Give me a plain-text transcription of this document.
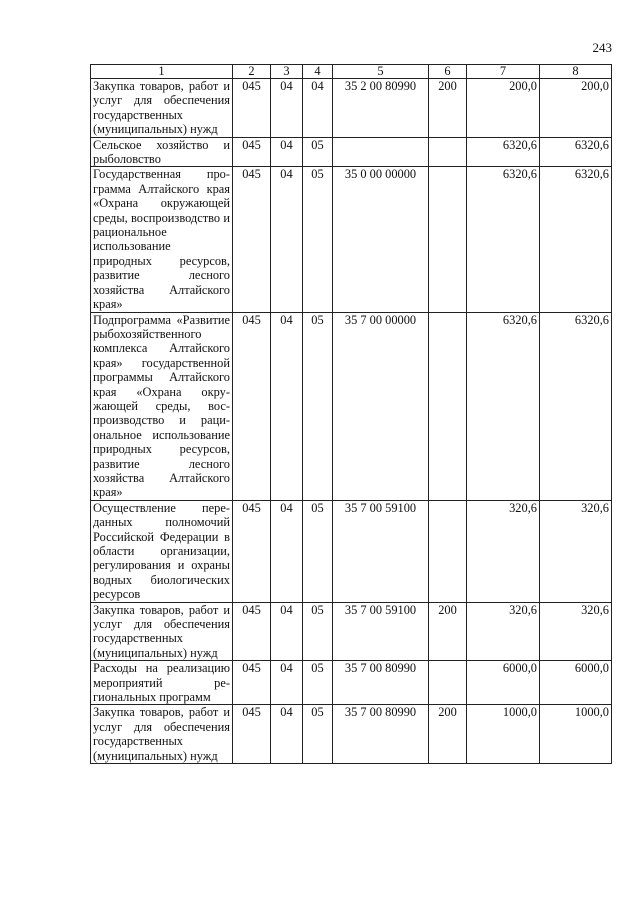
243
1	2	3	4	5	6	7	8
Закупка товаров, работ и услуг для обеспечения государственных (муниципальных) нужд	045	04	04	35 2 00 80990	200	200,0	200,0
Сельское хозяйство и рыболовство	045	04	05			6320,6	6320,6
Государственная программа Алтайского края «Охрана окружающей среды, воспроизводство и рациональное использование природных ресурсов, развитие лесного хозяйства Алтайского края»	045	04	05	35 0 00 00000		6320,6	6320,6
Подпрограмма «Развитие рыбохозяйственного комплекса Алтайского края» государственной программы Алтайского края «Охрана окружающей среды, воспроизводство и рациональное использование природных ресурсов, развитие лесного хозяйства Алтайского края»	045	04	05	35 7 00 00000		6320,6	6320,6
Осуществление переданных полномочий Российской Федерации в области организации, регулирования и охраны водных биологических ресурсов	045	04	05	35 7 00 59100		320,6	320,6
Закупка товаров, работ и услуг для обеспечения государственных (муниципальных) нужд	045	04	05	35 7 00 59100	200	320,6	320,6
Расходы на реализацию мероприятий региональных программ	045	04	05	35 7 00 80990		6000,0	6000,0
Закупка товаров, работ и услуг для обеспечения государственных (муниципальных) нужд	045	04	05	35 7 00 80990	200	1000,0	1000,0
